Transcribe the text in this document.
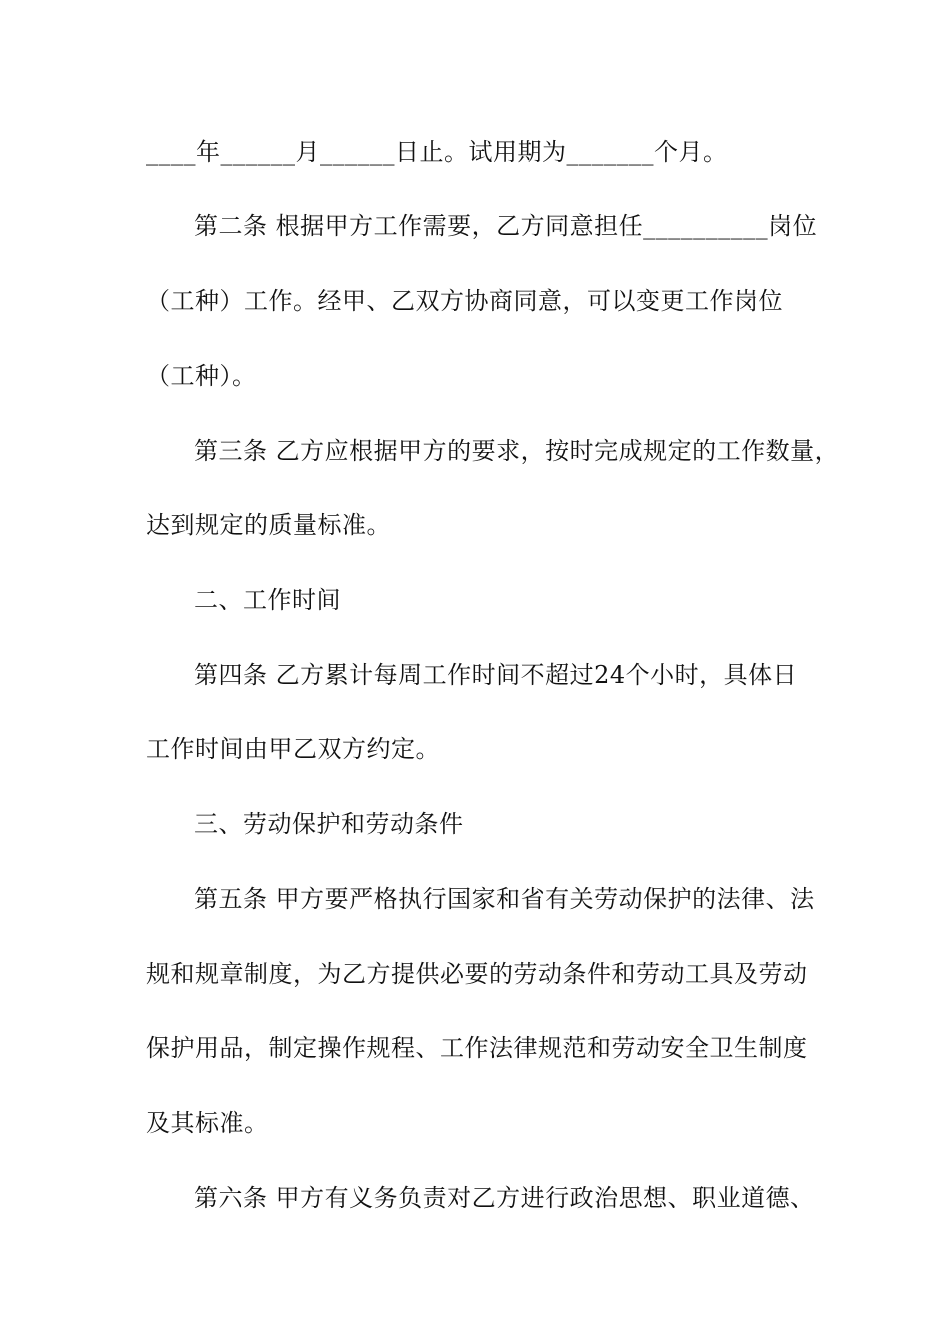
____年______月______日止。试用期为_______个月。
第二条 根据甲方工作需要，乙方同意担任__________岗位
（工种）工作。经甲、乙双方协商同意，可以变更工作岗位
（工种）。
第三条 乙方应根据甲方的要求，按时完成规定的工作数量，
达到规定的质量标准。
二、工作时间
第四条 乙方累计每周工作时间不超过24个小时，具体日
工作时间由甲乙双方约定。
三、劳动保护和劳动条件
第五条 甲方要严格执行国家和省有关劳动保护的法律、法
规和规章制度，为乙方提供必要的劳动条件和劳动工具及劳动
保护用品，制定操作规程、工作法律规范和劳动安全卫生制度
及其标准。
第六条 甲方有义务负责对乙方进行政治思想、职业道德、
